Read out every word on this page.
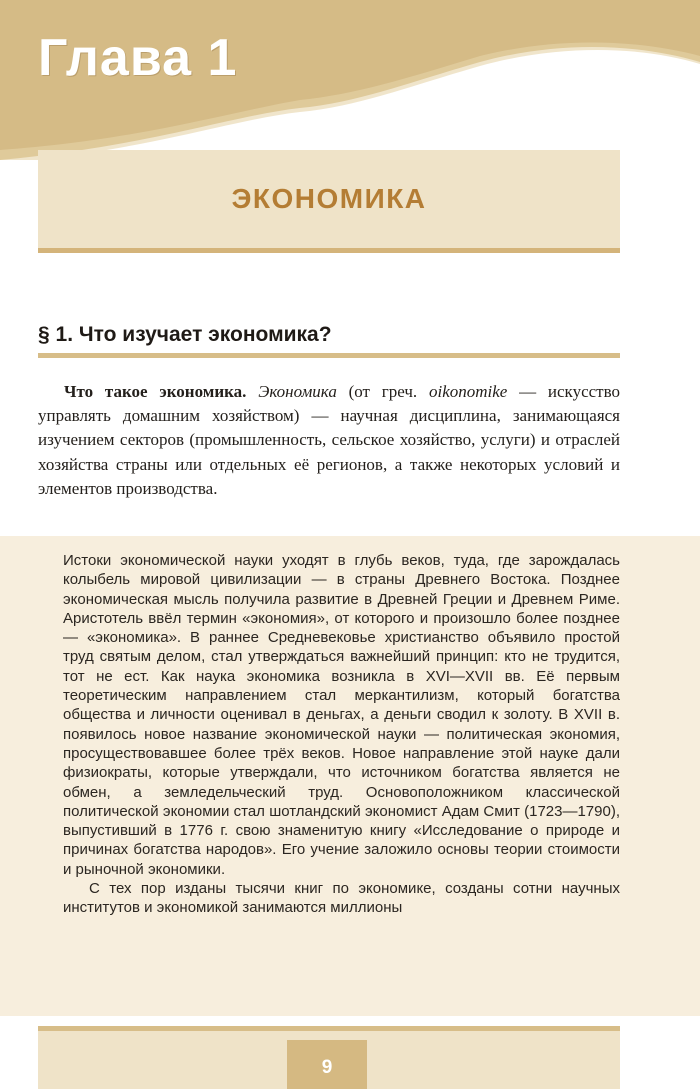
Глава 1
ЭКОНОМИКА
§ 1. Что изучает экономика?

Что такое экономика. Экономика (от греч. oikonomike — искусство управлять домашним хозяйством) — научная дисциплина, занимающаяся изучением секторов (промышленность, сельское хозяйство, услуги) и отраслей хозяйства страны или отдельных её регионов, а также некоторых условий и элементов производства.

Истоки экономической науки уходят в глубь веков, туда, где зарождалась колыбель мировой цивилизации — в страны Древнего Востока. Позднее экономическая мысль получила развитие в Древней Греции и Древнем Риме. Аристотель ввёл термин «экономия», от которого и произошло более позднее — «экономика». В раннее Средневековье христианство объявило простой труд святым делом, стал утверждаться важнейший принцип: кто не трудится, тот не ест. Как наука экономика возникла в XVI—XVII вв. Её первым теоретическим направлением стал меркантилизм, который богатства общества и личности оценивал в деньгах, а деньги сводил к золоту. В XVII в. появилось новое название экономической науки — политическая экономия, просуществовавшее более трёх веков. Новое направление этой науке дали физиократы, которые утверждали, что источником богатства является не обмен, а земледельческий труд. Основоположником классической политической экономии стал шотландский экономист Адам Смит (1723—1790), выпустивший в 1776 г. свою знаменитую книгу «Исследование о природе и причинах богатства народов». Его учение заложило основы теории стоимости и рыночной экономики.

С тех пор изданы тысячи книг по экономике, созданы сотни научных институтов и экономикой занимаются миллионы

9
